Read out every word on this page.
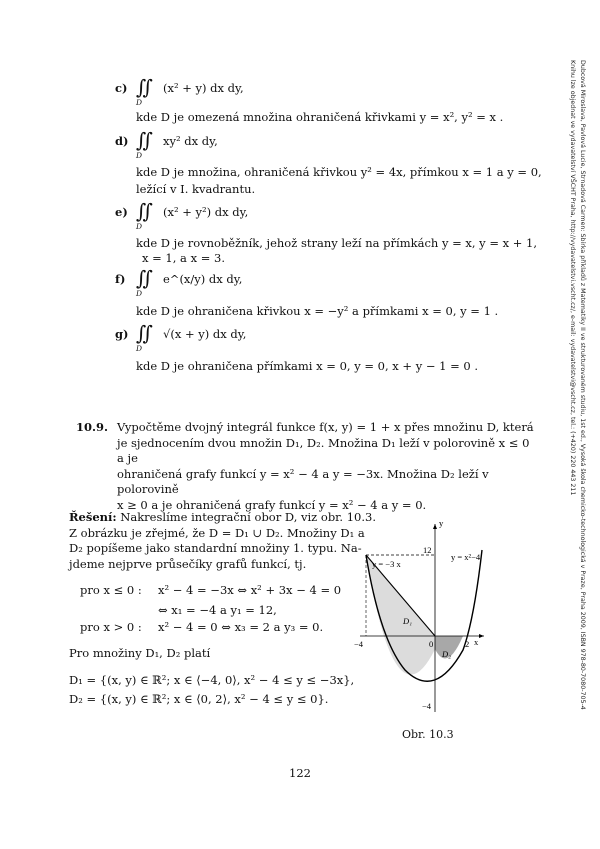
c) ∬
D
(x² + y) dx dy,
kde D je omezená množina ohraničená křivkami y = x², y² = x .
d) ∬
D
xy² dx dy,
kde D je množina, ohraničená křivkou y² = 4x, přímkou x = 1 a y = 0,
ležící v I. kvadrantu.
e) ∬
D
(x² + y²) dx dy,
kde D je rovnoběžník, jehož strany leží na přímkách y = x, y = x + 1,
x = 1, a x = 3.
f) ∬
D
e^(x/y) dx dy,
kde D je ohraničena křivkou x = −y² a přímkami x = 0, y = 1 .
g) ∬
D
√(x + y) dx dy,
kde D je ohraničena přímkami x = 0, y = 0, x + y − 1 = 0 .
10.9. Vypočtěme dvojný integrál funkce f(x, y) = 1 + x přes množinu D, která
je sjednocením dvou množin D₁, D₂. Množina D₁ leží v polorovině x ≤ 0 a je
ohraničená grafy funkcí y = x² − 4 a y = −3x. Množina D₂ leží v polorovině
x ≥ 0 a je ohraničená grafy funkcí y = x² − 4 a y = 0.
Řešení: Nakreslíme integrační obor D, viz obr. 10.3.
Z obrázku je zřejmé, že D = D₁ ∪ D₂. Množiny D₁ a
D₂ popíšeme jako standardní množiny 1. typu. Na-
jdeme nejprve průsečíky grafů funkcí, tj.
pro x ≤ 0 : x² − 4 = −3x ⇔ x² + 3x − 4 = 0
⇔ x₁ = −4 a y₁ = 12,
pro x > 0 : x² − 4 = 0 ⇔ x₃ = 2 a y₃ = 0.
Pro množiny D₁, D₂ platí
D₁ = {(x, y) ∈ ℝ²; x ∈ ⟨−4, 0⟩, x² − 4 ≤ y ≤ −3x},
D₂ = {(x, y) ∈ ℝ²; x ∈ ⟨0, 2⟩, x² − 4 ≤ y ≤ 0}.
x
y
12
−4	0	2
−4
y = x²−4
y = −3 x
D₁
D₂
Obr. 10.3
122
Dubcová Miroslava, Pavlová Lucie, Strnadová Carmen: Sbírka příkladů z Matematiky II ve strukturovaném studiu, 1st ed., Vysoká škola chemicko-technologická v Praze, Praha 2009, ISBN 978-80-7080-705-4
Knihu lze objednat ve vydavatelství VŠCHT Praha, http://vydavatelstvi.vscht.cz/, e-mail: vydavatelstvi@vscht.cz, tel.: (+420) 220 443 211
